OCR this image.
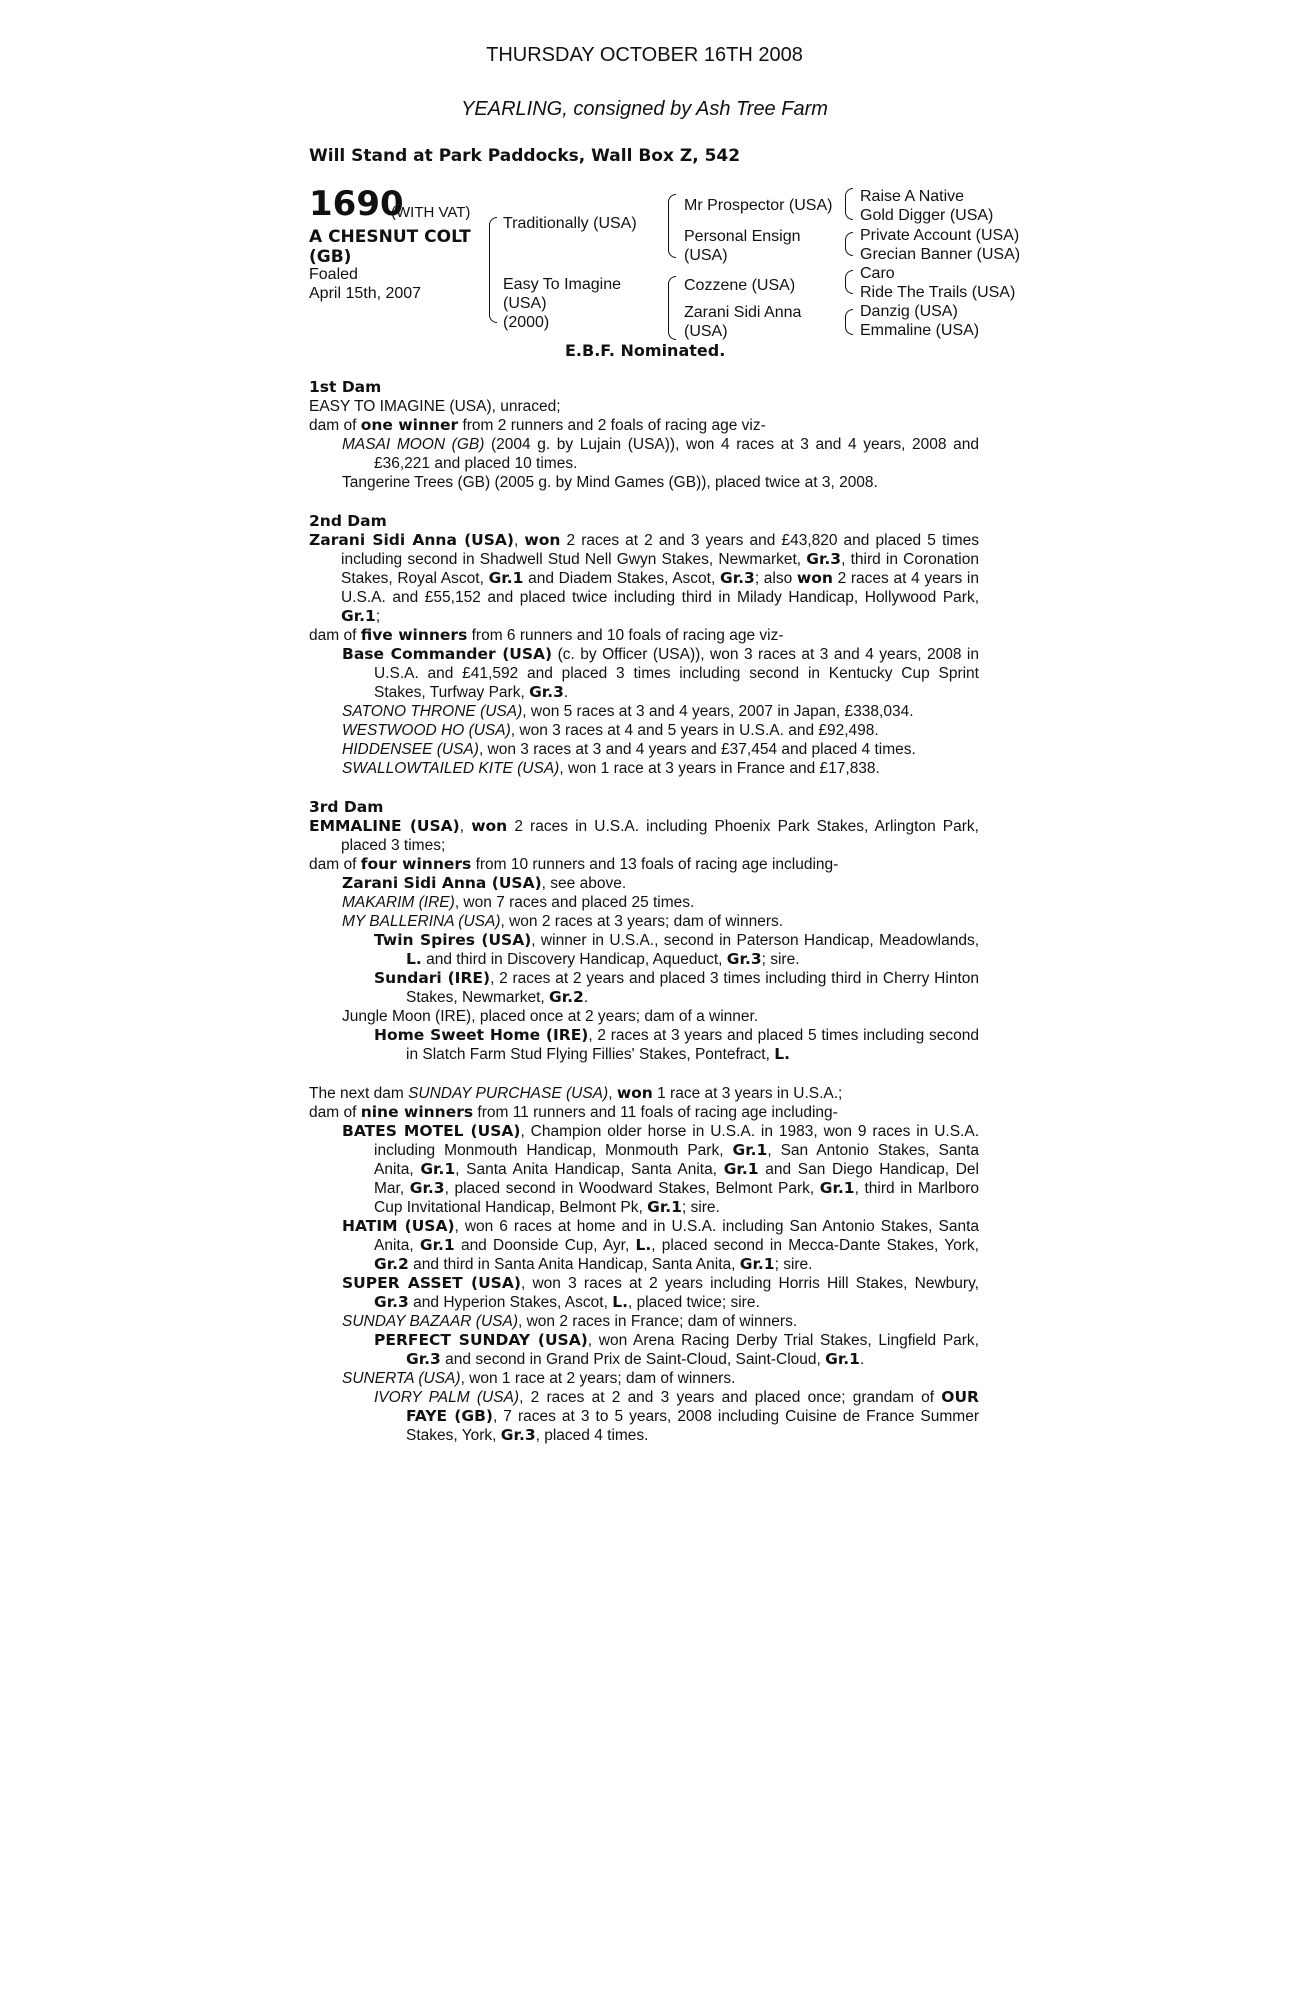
THURSDAY OCTOBER 16TH 2008
YEARLING, consigned by Ash Tree Farm
Will Stand at Park Paddocks, Wall Box Z, 542
1690
(WITH VAT)
A CHESNUT COLT
(GB)
Foaled
April 15th, 2007
Traditionally (USA)
Easy To Imagine
(USA)
(2000)
Mr Prospector (USA)
Personal Ensign
(USA)
Cozzene (USA)
Zarani Sidi Anna
(USA)
Raise A Native
Gold Digger (USA)
Private Account (USA)
Grecian Banner (USA)
Caro
Ride The Trails (USA)
Danzig (USA)
Emmaline (USA)
E.B.F. Nominated.
1st Dam
EASY TO IMAGINE (USA), unraced;
dam of one winner from 2 runners and 2 foals of racing age viz-
MASAI MOON (GB) (2004 g. by Lujain (USA)), won 4 races at 3 and 4 years, 2008 and £36,221 and placed 10 times.
Tangerine Trees (GB) (2005 g. by Mind Games (GB)), placed twice at 3, 2008.
2nd Dam
Zarani Sidi Anna (USA), won 2 races at 2 and 3 years and £43,820 and placed 5 times including second in Shadwell Stud Nell Gwyn Stakes, Newmarket, Gr.3, third in Coronation Stakes, Royal Ascot, Gr.1 and Diadem Stakes, Ascot, Gr.3; also won 2 races at 4 years in U.S.A. and £55,152 and placed twice including third in Milady Handicap, Hollywood Park, Gr.1;
dam of five winners from 6 runners and 10 foals of racing age viz-
Base Commander (USA) (c. by Officer (USA)), won 3 races at 3 and 4 years, 2008 in U.S.A. and £41,592 and placed 3 times including second in Kentucky Cup Sprint Stakes, Turfway Park, Gr.3.
SATONO THRONE (USA), won 5 races at 3 and 4 years, 2007 in Japan, £338,034.
WESTWOOD HO (USA), won 3 races at 4 and 5 years in U.S.A. and £92,498.
HIDDENSEE (USA), won 3 races at 3 and 4 years and £37,454 and placed 4 times.
SWALLOWTAILED KITE (USA), won 1 race at 3 years in France and £17,838.
3rd Dam
EMMALINE (USA), won 2 races in U.S.A. including Phoenix Park Stakes, Arlington Park, placed 3 times;
dam of four winners from 10 runners and 13 foals of racing age including-
Zarani Sidi Anna (USA), see above.
MAKARIM (IRE), won 7 races and placed 25 times.
MY BALLERINA (USA), won 2 races at 3 years; dam of winners.
Twin Spires (USA), winner in U.S.A., second in Paterson Handicap, Meadowlands, L. and third in Discovery Handicap, Aqueduct, Gr.3; sire.
Sundari (IRE), 2 races at 2 years and placed 3 times including third in Cherry Hinton Stakes, Newmarket, Gr.2.
Jungle Moon (IRE), placed once at 2 years; dam of a winner.
Home Sweet Home (IRE), 2 races at 3 years and placed 5 times including second in Slatch Farm Stud Flying Fillies' Stakes, Pontefract, L.
The next dam SUNDAY PURCHASE (USA), won 1 race at 3 years in U.S.A.;
dam of nine winners from 11 runners and 11 foals of racing age including-
BATES MOTEL (USA), Champion older horse in U.S.A. in 1983, won 9 races in U.S.A. including Monmouth Handicap, Monmouth Park, Gr.1, San Antonio Stakes, Santa Anita, Gr.1, Santa Anita Handicap, Santa Anita, Gr.1 and San Diego Handicap, Del Mar, Gr.3, placed second in Woodward Stakes, Belmont Park, Gr.1, third in Marlboro Cup Invitational Handicap, Belmont Pk, Gr.1; sire.
HATIM (USA), won 6 races at home and in U.S.A. including San Antonio Stakes, Santa Anita, Gr.1 and Doonside Cup, Ayr, L., placed second in Mecca-Dante Stakes, York, Gr.2 and third in Santa Anita Handicap, Santa Anita, Gr.1; sire.
SUPER ASSET (USA), won 3 races at 2 years including Horris Hill Stakes, Newbury, Gr.3 and Hyperion Stakes, Ascot, L., placed twice; sire.
SUNDAY BAZAAR (USA), won 2 races in France; dam of winners.
PERFECT SUNDAY (USA), won Arena Racing Derby Trial Stakes, Lingfield Park, Gr.3 and second in Grand Prix de Saint-Cloud, Saint-Cloud, Gr.1.
SUNERTA (USA), won 1 race at 2 years; dam of winners.
IVORY PALM (USA), 2 races at 2 and 3 years and placed once; grandam of OUR FAYE (GB), 7 races at 3 to 5 years, 2008 including Cuisine de France Summer Stakes, York, Gr.3, placed 4 times.
